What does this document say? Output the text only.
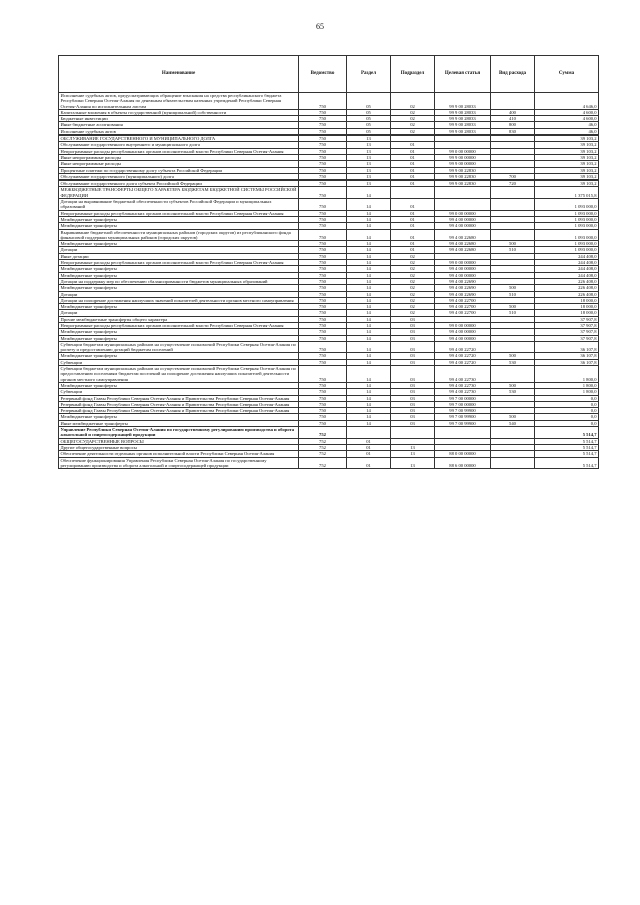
65
Наименование	Ведомство	Раздел	Подраздел	Целевая статья	Вид расхода	Сумма
Исполнение судебных актов, предусматривающих обращение взыскания на средства республиканского бюджета Республики Северная Осетия-Алания по денежным обязательствам казенных учреждений Республики Северная Осетия-Алания по исполнительным листам	750	05	02	99 9 00 28033		4 646,0
Капитальные вложения в объекты государственной (муниципальной) собственности	750	05	02	99 9 00 28033	400	4 600,0
Бюджетные инвестиции	750	05	02	99 9 00 28033	410	4 600,0
Иные бюджетные ассигнования	750	05	02	99 9 00 28033	800	46,0
Исполнение судебных актов	750	05	02	99 9 00 28033	830	46,0

ОБСЛУЖИВАНИЕ ГОСУДАРСТВЕННОГО И МУНИЦИПАЛЬНОГО ДОЛГА	750	13				39 103,2
Обслуживание государственного внутреннего и муниципального долга	750	13	01			39 103,2
Непрограммные расходы республиканских органов исполнительной власти Республики Северная Осетия-Алания	750	13	01	99 0 00 00000		39 103,2
Иные непрограммные расходы	750	13	01	99 9 00 00000		39 103,2
Иные непрограммные расходы	750	13	01	99 9 00 00000		39 103,2
Процентные платежи по государственному долгу субъекта Российской Федерации	750	13	01	99 9 00 22830		39 103,2
Обслуживание государственного (муниципального) долга	750	13	01	99 9 00 22830	700	39 103,2

Обслуживание государственного долга субъекта Российской Федерации	750	13	01	99 9 00 22830	720	39 103,2
МЕЖБЮДЖЕТНЫЕ ТРАНСФЕРТЫ ОБЩЕГО ХАРАКТЕРА БЮДЖЕТАМ БЮДЖЕТНОЙ СИСТЕМЫ РОССИЙСКОЙ ФЕДЕРАЦИИ	750	14				1 375 015,8
Дотации на выравнивание бюджетной обеспеченности субъектов Российской Федерации и муниципальных образований	750	14	01			1 093 000,0
Непрограммные расходы республиканских органов исполнительной власти Республики Северная Осетия-Алания	750	14	01	99 0 00 00000		1 093 000,0
Межбюджетные трансферты	750	14	01	99 4 00 00000		1 093 000,0
Межбюджетные трансферты	750	14	01	99 4 00 00000		1 093 000,0
Выравнивание бюджетной обеспеченности муниципальных районов (городских округов) из республиканского фонда финансовой поддержки муниципальных районов (городских округов)	750	14	01	99 4 00 22680		1 093 000,0
Межбюджетные трансферты	750	14	01	99 4 00 22680	500	1 093 000,0
Дотации	750	14	01	99 4 00 22680	510	1 093 000,0
Иные дотации	750	14	02			244 408,0
Непрограммные расходы республиканских органов исполнительной власти Республики Северная Осетия-Алания	750	14	02	99 0 00 00000		244 408,0
Межбюджетные трансферты	750	14	02	99 4 00 00000		244 408,0
Межбюджетные трансферты	750	14	02	99 4 00 00000		244 408,0
Дотации на поддержку мер по обеспечению сбалансированности бюджетов муниципальных образований	750	14	02	99 4 00 22690		226 408,0
Межбюджетные трансферты	750	14	02	99 4 00 22690	500	226 408,0
Дотации	750	14	02	99 4 00 22690	510	226 408,0
Дотации на поощрение достижения наилучших значений показателей деятельности органов местного самоуправления	750	14	02	99 4 00 22700		18 000,0
Межбюджетные трансферты	750	14	02	99 4 00 22700	500	18 000,0
Дотации	750	14	02	99 4 00 22700	510	18 000,0
Прочие межбюджетные трансферты общего характера	750	14	03			37 907,8
Непрограммные расходы республиканских органов исполнительной власти Республики Северная Осетия-Алания	750	14	03	99 0 00 00000		37 907,8
Межбюджетные трансферты	750	14	03	99 4 00 00000		37 907,8
Межбюджетные трансферты	750	14	03	99 4 00 00000		37 907,8
Субвенции бюджетам муниципальных районов на осуществление полномочий Республики Северная Осетия-Алания по расчету и предоставлению дотаций бюджетам поселений	750	14	03	99 4 00 22720		36 107,8
Межбюджетные трансферты	750	14	03	99 4 00 22720	500	36 107,8
Субвенции	750	14	03	99 4 00 22720	530	36 107,8
Субвенции бюджетам муниципальных районов на осуществление полномочий Республики Северная Осетия-Алания по предоставлению поселениям бюджетам поселений на поощрение достижения наилучших показателей деятельности органов местного самоуправления	750	14	03	99 4 00 22730		1 800,0
Межбюджетные трансферты	750	14	03	99 4 00 22730	500	1 800,0
Субвенции	750	14	03	99 4 00 22730	530	1 800,0
Резервный фонд Главы Республики Северная Осетия-Алания и Правительства Республики Северная Осетия-Алания	750	14	03	99 7 00 00000		0,0
Резервный фонд Главы Республики Северная Осетия-Алания и Правительства Республики Северная Осетия-Алания	750	14	03	99 7 00 00000		0,0
Резервный фонд Главы Республики Северная Осетия-Алания и Правительства Республики Северная Осетия-Алания	750	14	03	99 7 00 99900		0,0
Межбюджетные трансферты	750	14	03	99 7 00 99900	500	0,0
Иные межбюджетные трансферты	750	14	03	99 7 00 99900	540	0,0
Управление Республики Северная Осетия-Алания по государственному регулированию производства и оборота алкогольной и спиртосодержащей продукции	752					5 514,7
ОБЩЕГОСУДАРСТВЕННЫЕ ВОПРОСЫ	752	01				5 514,7
Другие общегосударственные вопросы	752	01	13			5 514,7
Обеспечение деятельности отдельных органов исполнительной власти Республики Северная Осетия-Алания	752	01	13	88 0 00 00000		5 514,7
Обеспечение функционирования Управления Республики Северная Осетия-Алания по государственному регулированию производства и оборота алкогольной и спиртосодержащей продукции	752	01	13	88 6 00 00000		5 514,7
